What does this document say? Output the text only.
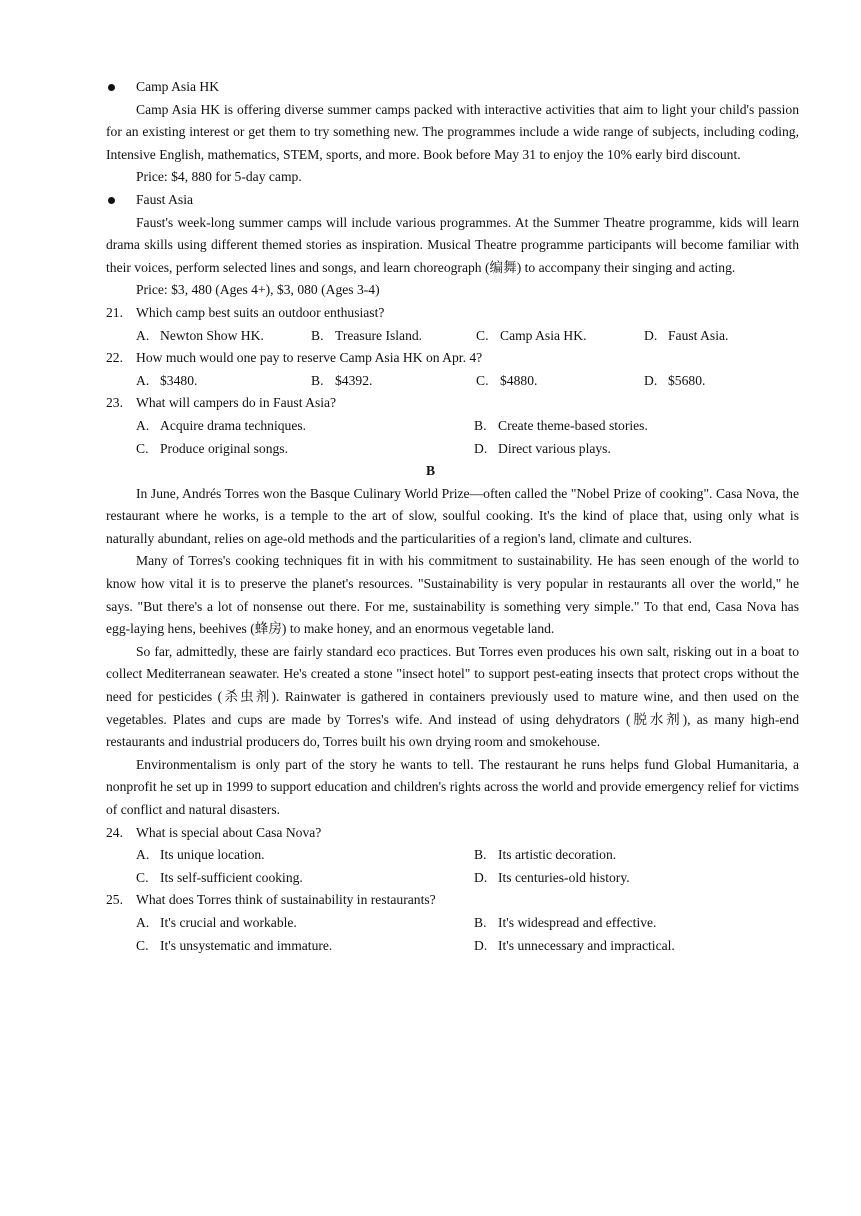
Camp Asia HK

Camp Asia HK is offering diverse summer camps packed with interactive activities that aim to light your child's passion for an existing interest or get them to try something new. The programmes include a wide range of subjects, including coding, Intensive English, mathematics, STEM, sports, and more. Book before May 31 to enjoy the 10% early bird discount.

Price: $4, 880 for 5-day camp.
Faust Asia

Faust's week-long summer camps will include various programmes. At the Summer Theatre programme, kids will learn drama skills using different themed stories as inspiration. Musical Theatre programme participants will become familiar with their voices, perform selected lines and songs, and learn choreograph (编舞) to accompany their singing and acting.

Price: $3, 480 (Ages 4+), $3, 080 (Ages 3-4)
21. Which camp best suits an outdoor enthusiast?
A. Newton Show HK.	B. Treasure Island.	C. Camp Asia HK.	D. Faust Asia.
22. How much would one pay to reserve Camp Asia HK on Apr. 4?
A. $3480.	B. $4392.	C. $4880.	D. $5680.
23. What will campers do in Faust Asia?
A. Acquire drama techniques.	B. Create theme-based stories.
C. Produce original songs.	D. Direct various plays.
B

In June, Andrés Torres won the Basque Culinary World Prize—often called the "Nobel Prize of cooking". Casa Nova, the restaurant where he works, is a temple to the art of slow, soulful cooking. It's the kind of place that, using only what is naturally abundant, relies on age-old methods and the particularities of a region's land, climate and cultures.

Many of Torres's cooking techniques fit in with his commitment to sustainability. He has seen enough of the world to know how vital it is to preserve the planet's resources. "Sustainability is very popular in restaurants all over the world," he says. "But there's a lot of nonsense out there. For me, sustainability is something very simple." To that end, Casa Nova has egg-laying hens, beehives (蜂房) to make honey, and an enormous vegetable land.

So far, admittedly, these are fairly standard eco practices. But Torres even produces his own salt, risking out in a boat to collect Mediterranean seawater. He's created a stone "insect hotel" to support pest-eating insects that protect crops without the need for pesticides (杀虫剂). Rainwater is gathered in containers previously used to mature wine, and then used on the vegetables. Plates and cups are made by Torres's wife. And instead of using dehydrators (脱水剂), as many high-end restaurants and industrial producers do, Torres built his own drying room and smokehouse.

Environmentalism is only part of the story he wants to tell. The restaurant he runs helps fund Global Humanitaria, a nonprofit he set up in 1999 to support education and children's rights across the world and provide emergency relief for victims of conflict and natural disasters.

24. What is special about Casa Nova?
A. Its unique location.	B. Its artistic decoration.
C. Its self-sufficient cooking.	D. Its centuries-old history.
25. What does Torres think of sustainability in restaurants?
A. It's crucial and workable.	B. It's widespread and effective.
C. It's unsystematic and immature.	D. It's unnecessary and impractical.
